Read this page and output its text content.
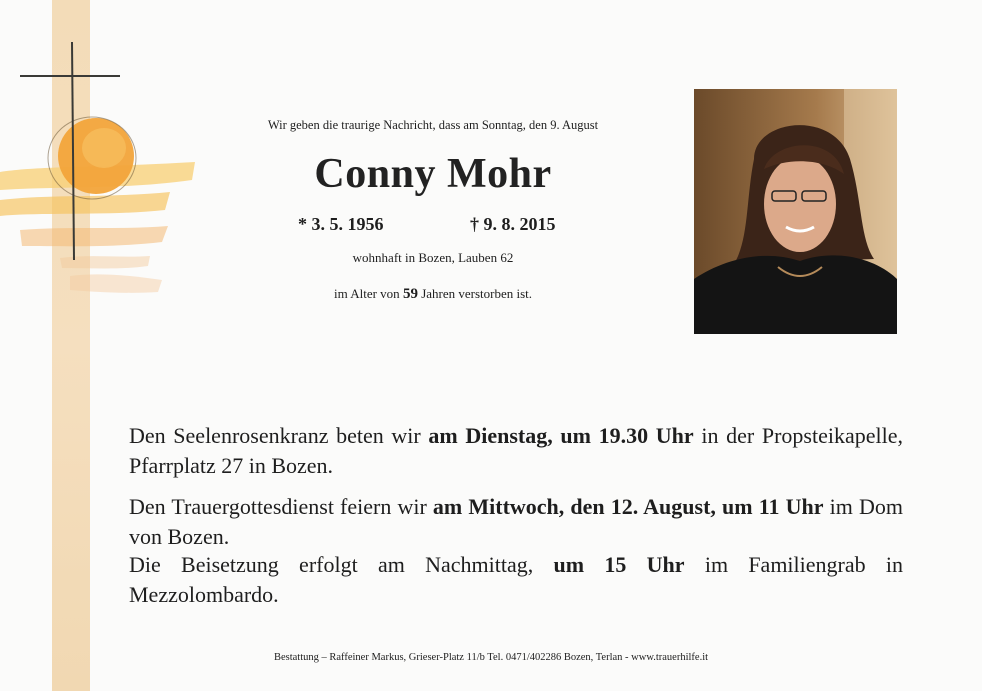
Wir geben die traurige Nachricht, dass am Sonntag, den 9. August
Conny Mohr
* 3. 5. 1956	† 9. 8. 2015
wohnhaft in Bozen, Lauben 62
im Alter von 59 Jahren verstorben ist.
Den Seelenrosenkranz beten wir am Dienstag, um 19.30 Uhr in der Propsteikapelle, Pfarrplatz 27 in Bozen.
Den Trauergottesdienst feiern wir am Mittwoch, den 12. August, um 11 Uhr im Dom von Bozen.
Die Beisetzung erfolgt am Nachmittag, um 15 Uhr im Familiengrab in Mezzolombardo.
Bestattung – Raffeiner Markus, Grieser-Platz 11/b Tel. 0471/402286 Bozen, Terlan - www.trauerhilfe.it
